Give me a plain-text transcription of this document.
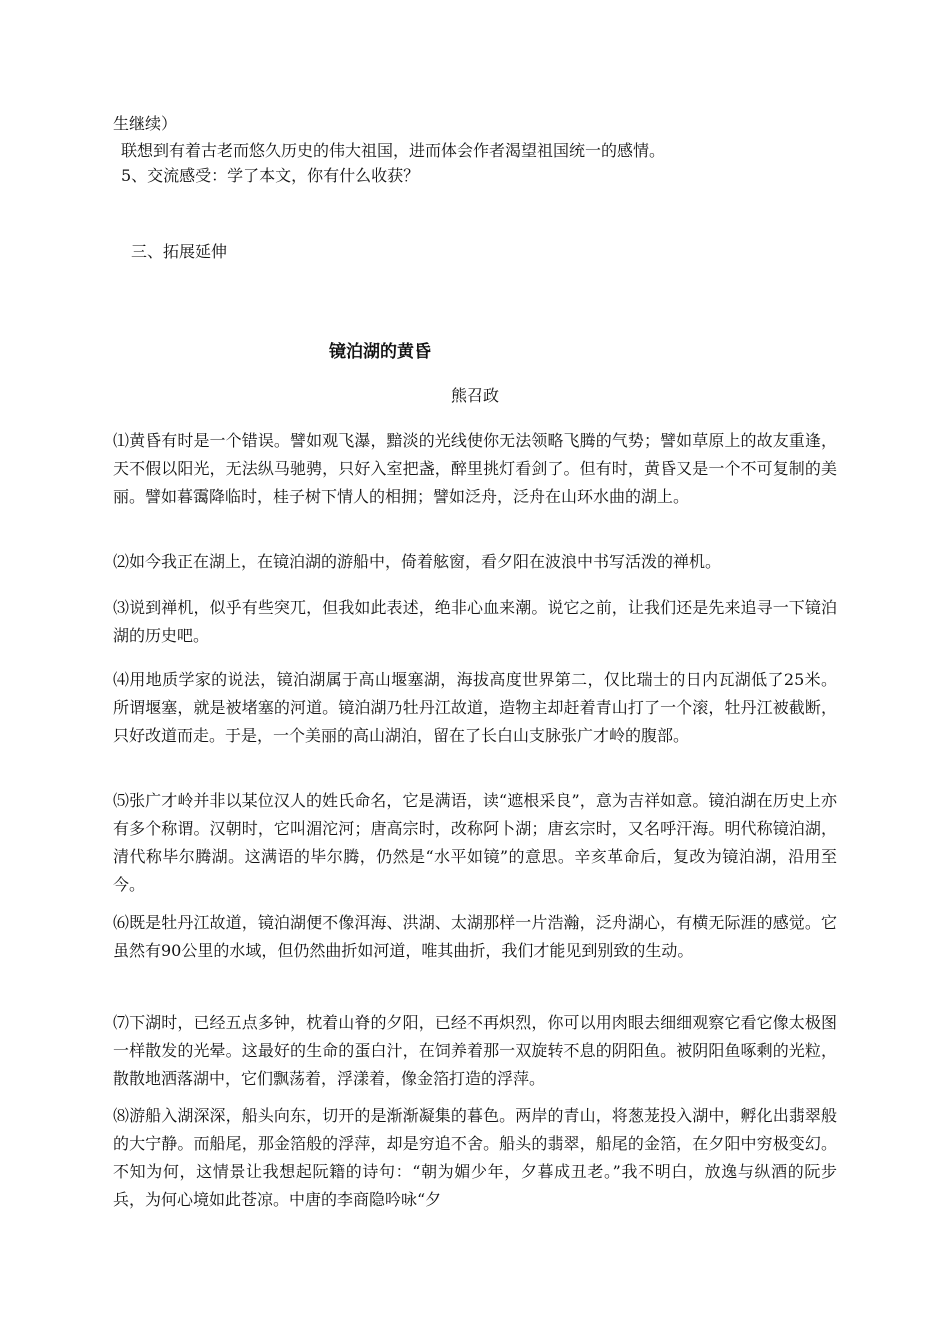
生继续）
联想到有着古老而悠久历史的伟大祖国，进而体会作者渴望祖国统一的感情。
5、交流感受：学了本文，你有什么收获？
三、拓展延伸
镜泊湖的黄昏
熊召政
⑴黄昏有时是一个错误。譬如观飞瀑，黯淡的光线使你无法领略飞腾的气势；譬如草原上的故友重逢，天不假以阳光，无法纵马驰骋，只好入室把盏，醉里挑灯看剑了。但有时，黄昏又是一个不可复制的美丽。譬如暮霭降临时，桂子树下情人的相拥；譬如泛舟，泛舟在山环水曲的湖上。
⑵如今我正在湖上，在镜泊湖的游船中，倚着舷窗，看夕阳在波浪中书写活泼的禅机。
⑶说到禅机，似乎有些突兀，但我如此表述，绝非心血来潮。说它之前，让我们还是先来追寻一下镜泊湖的历史吧。
⑷用地质学家的说法，镜泊湖属于高山堰塞湖，海拔高度世界第二，仅比瑞士的日内瓦湖低了25米。所谓堰塞，就是被堵塞的河道。镜泊湖乃牡丹江故道，造物主却赶着青山打了一个滚，牡丹江被截断，只好改道而走。于是，一个美丽的高山湖泊，留在了长白山支脉张广才岭的腹部。
⑸张广才岭并非以某位汉人的姓氏命名，它是满语，读“遮根采良”，意为吉祥如意。镜泊湖在历史上亦有多个称谓。汉朝时，它叫湄沱河；唐高宗时，改称阿卜湖；唐玄宗时，又名呼汗海。明代称镜泊湖，清代称毕尔腾湖。这满语的毕尔腾，仍然是“水平如镜”的意思。辛亥革命后，复改为镜泊湖，沿用至今。
⑹既是牡丹江故道，镜泊湖便不像洱海、洪湖、太湖那样一片浩瀚，泛舟湖心，有横无际涯的感觉。它虽然有90公里的水域，但仍然曲折如河道，唯其曲折，我们才能见到别致的生动。
⑺下湖时，已经五点多钟，枕着山脊的夕阳，已经不再炽烈，你可以用肉眼去细细观察它看它像太极图一样散发的光晕。这最好的生命的蛋白汁，在饲养着那一双旋转不息的阴阳鱼。被阴阳鱼啄剩的光粒，散散地洒落湖中，它们飘荡着，浮漾着，像金箔打造的浮萍。
⑻游船入湖深深，船头向东，切开的是渐渐凝集的暮色。两岸的青山，将葱茏投入湖中，孵化出翡翠般的大宁静。而船尾，那金箔般的浮萍，却是穷追不舍。船头的翡翠，船尾的金箔，在夕阳中穷极变幻。不知为何，这情景让我想起阮籍的诗句：“朝为媚少年，夕暮成丑老。”我不明白，放逸与纵酒的阮步兵，为何心境如此苍凉。中唐的李商隐吟咏“夕
